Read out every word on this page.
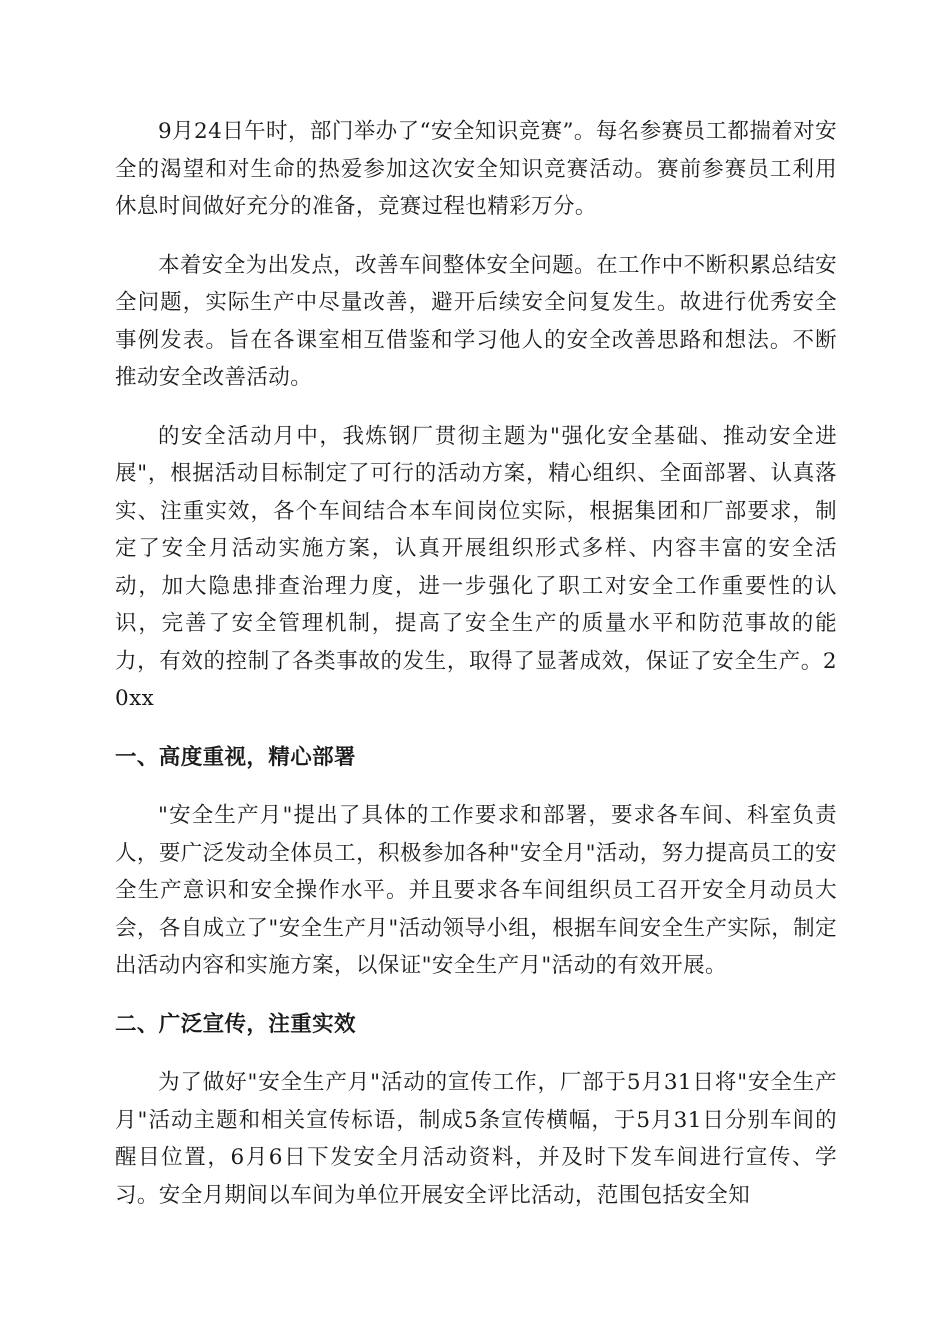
9月24日午时，部门举办了“安全知识竞赛”。每名参赛员工都揣着对安全的渴望和对生命的热爱参加这次安全知识竞赛活动。赛前参赛员工利用休息时间做好充分的准备，竞赛过程也精彩万分。

本着安全为出发点，改善车间整体安全问题。在工作中不断积累总结安全问题，实际生产中尽量改善，避开后续安全问复发生。故进行优秀安全事例发表。旨在各课室相互借鉴和学习他人的安全改善思路和想法。不断推动安全改善活动。

的安全活动月中，我炼钢厂贯彻主题为"强化安全基础、推动安全进展"，根据活动目标制定了可行的活动方案，精心组织、全面部署、认真落实、注重实效，各个车间结合本车间岗位实际，根据集团和厂部要求，制定了安全月活动实施方案，认真开展组织形式多样、内容丰富的安全活动，加大隐患排查治理力度，进一步强化了职工对安全工作重要性的认识，完善了安全管理机制，提高了安全生产的质量水平和防范事故的能力，有效的控制了各类事故的发生，取得了显著成效，保证了安全生产。20xx

一、高度重视，精心部署

"安全生产月"提出了具体的工作要求和部署，要求各车间、科室负责人，要广泛发动全体员工，积极参加各种"安全月"活动，努力提高员工的安全生产意识和安全操作水平。并且要求各车间组织员工召开安全月动员大会，各自成立了"安全生产月"活动领导小组，根据车间安全生产实际，制定出活动内容和实施方案，以保证"安全生产月"活动的有效开展。

二、广泛宣传，注重实效

为了做好"安全生产月"活动的宣传工作，厂部于5月31日将"安全生产月"活动主题和相关宣传标语，制成5条宣传横幅，于5月31日分别车间的醒目位置，6月6日下发安全月活动资料，并及时下发车间进行宣传、学习。安全月期间以车间为单位开展安全评比活动，范围包括安全知
